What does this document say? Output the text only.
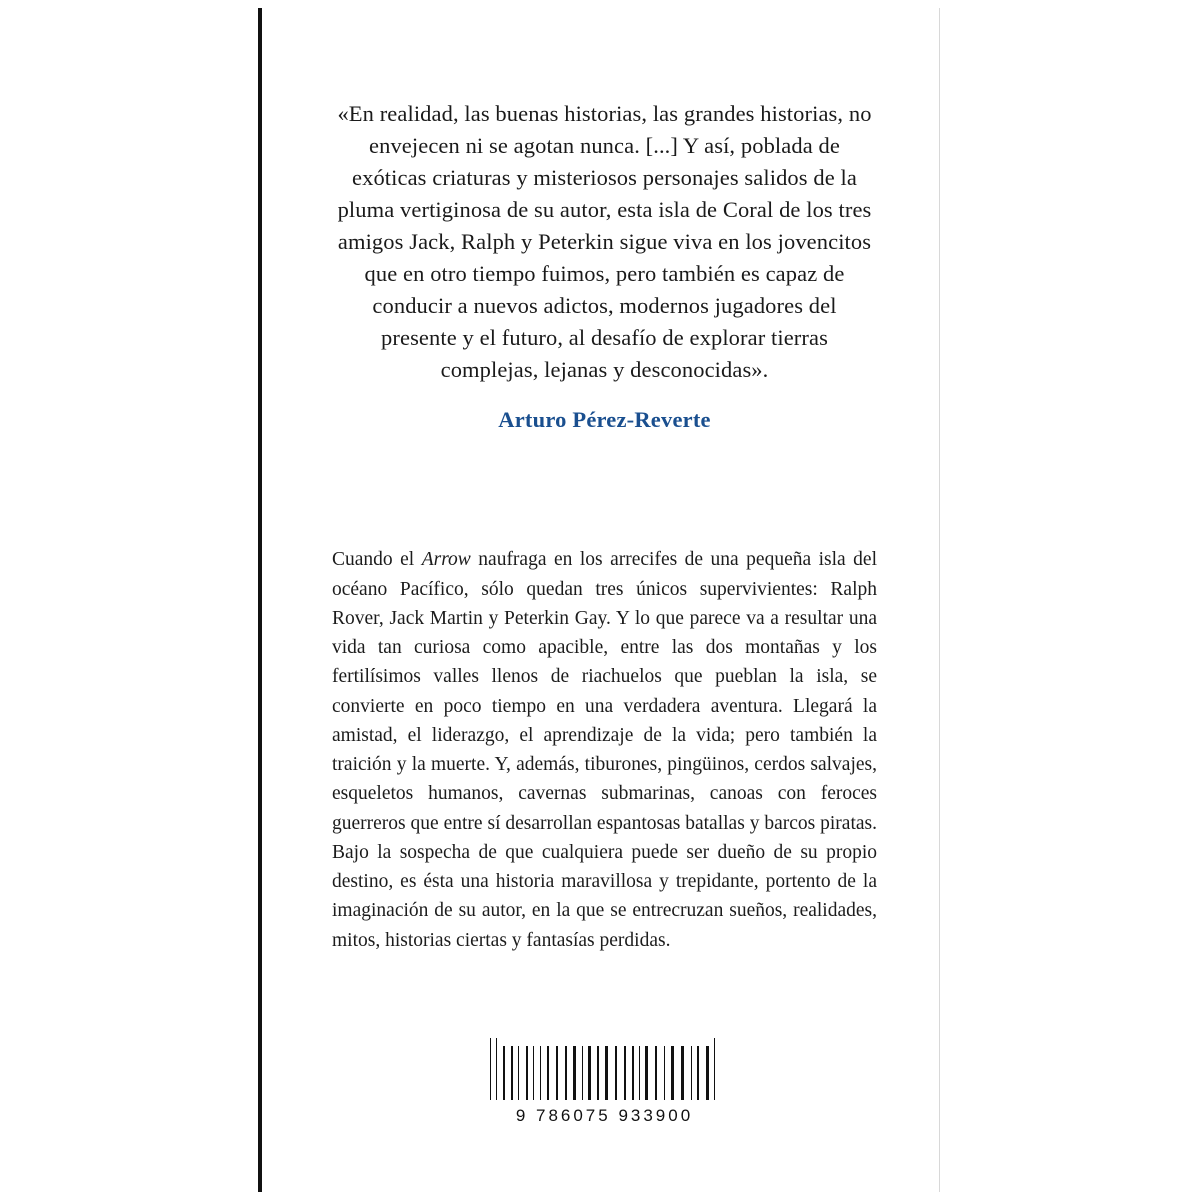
«En realidad, las buenas historias, las grandes historias, no envejecen ni se agotan nunca. [...] Y así, poblada de exóticas criaturas y misteriosos personajes salidos de la pluma vertiginosa de su autor, esta isla de Coral de los tres amigos Jack, Ralph y Peterkin sigue viva en los jovencitos que en otro tiempo fuimos, pero también es capaz de conducir a nuevos adictos, modernos jugadores del presente y el futuro, al desafío de explorar tierras complejas, lejanas y desconocidas».

Arturo Pérez-Reverte

Cuando el Arrow naufraga en los arrecifes de una pequeña isla del océano Pacífico, sólo quedan tres únicos supervivientes: Ralph Rover, Jack Martin y Peterkin Gay. Y lo que parece va a resultar una vida tan curiosa como apacible, entre las dos montañas y los fertilísimos valles llenos de riachuelos que pueblan la isla, se convierte en poco tiempo en una verdadera aventura. Llegará la amistad, el liderazgo, el aprendizaje de la vida; pero también la traición y la muerte. Y, además, tiburones, pingüinos, cerdos salvajes, esqueletos humanos, cavernas submarinas, canoas con feroces guerreros que entre sí desarrollan espantosas batallas y barcos piratas. Bajo la sospecha de que cualquiera puede ser dueño de su propio destino, es ésta una historia maravillosa y trepidante, portento de la imaginación de su autor, en la que se entrecruzan sueños, realidades, mitos, historias ciertas y fantasías perdidas.

9 786075 933900
